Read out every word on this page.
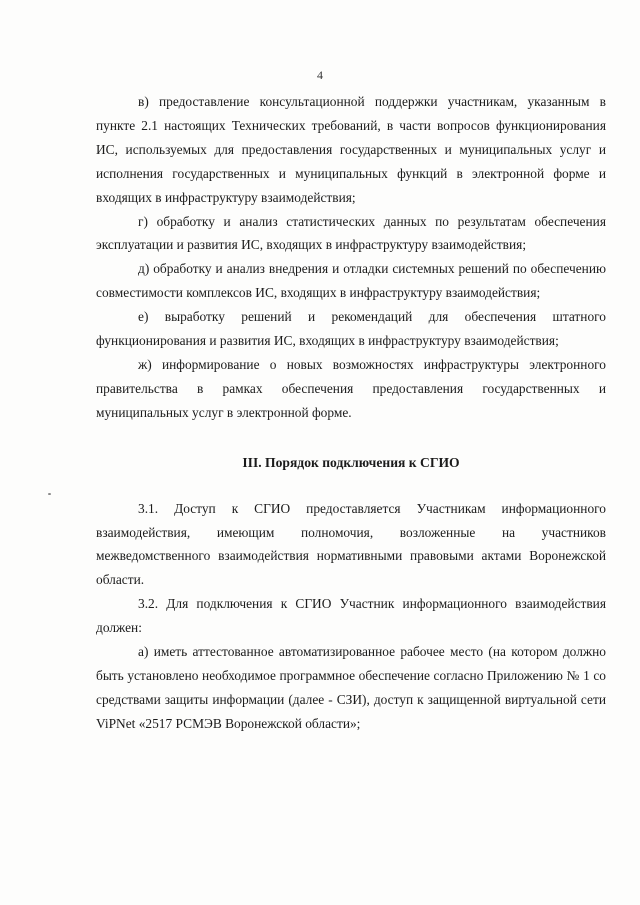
4

в) предоставление консультационной поддержки участникам, указанным в пункте 2.1 настоящих Технических требований, в части вопросов функционирования ИС, используемых для предоставления государственных и муниципальных услуг и исполнения государственных и муниципальных функций в электронной форме и входящих в инфраструктуру взаимодействия;

г) обработку и анализ статистических данных по результатам обеспечения эксплуатации и развития ИС, входящих в инфраструктуру взаимодействия;

д) обработку и анализ внедрения и отладки системных решений по обеспечению совместимости комплексов ИС, входящих в инфраструктуру взаимодействия;

е) выработку решений и рекомендаций для обеспечения штатного функционирования и развития ИС, входящих в инфраструктуру взаимодействия;

ж) информирование о новых возможностях инфраструктуры электронного правительства в рамках обеспечения предоставления государственных и муниципальных услуг в электронной форме.

III. Порядок подключения к СГИО

3.1. Доступ к СГИО предоставляется Участникам информационного взаимодействия, имеющим полномочия, возложенные на участников межведомственного взаимодействия нормативными правовыми актами Воронежской области.

3.2. Для подключения к СГИО Участник информационного взаимодействия должен:

а) иметь аттестованное автоматизированное рабочее место (на котором должно быть установлено необходимое программное обеспечение согласно Приложению № 1 со средствами защиты информации (далее - СЗИ), доступ к защищенной виртуальной сети ViPNet «2517 РСМЭВ Воронежской области»;
